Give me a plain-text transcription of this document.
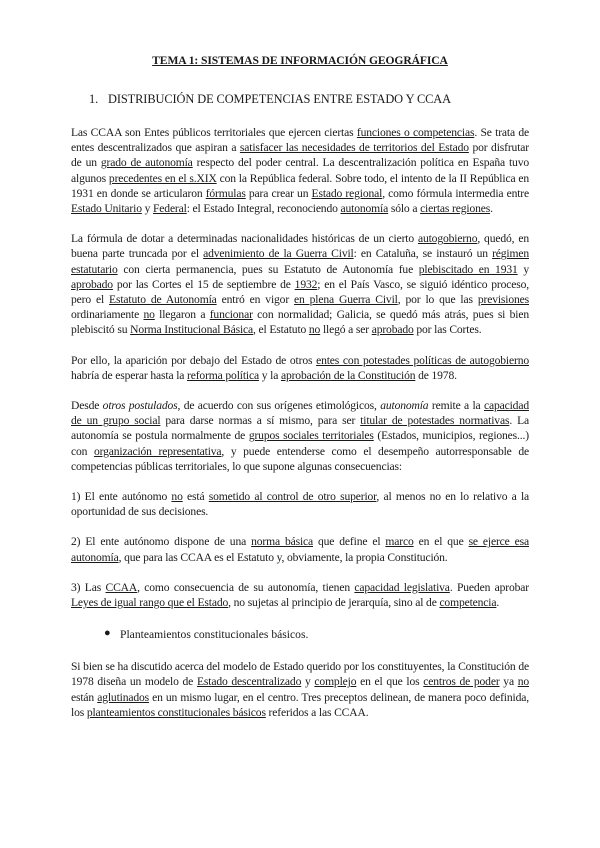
TEMA 1: SISTEMAS DE INFORMACIÓN GEOGRÁFICA
1. DISTRIBUCIÓN DE COMPETENCIAS ENTRE ESTADO Y CCAA

Las CCAA son Entes públicos territoriales que ejercen ciertas funciones o competencias. Se trata de entes descentralizados que aspiran a satisfacer las necesidades de territorios del Estado por disfrutar de un grado de autonomía respecto del poder central. La descentralización política en España tuvo algunos precedentes en el s.XIX con la República federal. Sobre todo, el intento de la II República en 1931 en donde se articularon fórmulas para crear un Estado regional, como fórmula intermedia entre Estado Unitario y Federal: el Estado Integral, reconociendo autonomía sólo a ciertas regiones.

La fórmula de dotar a determinadas nacionalidades históricas de un cierto autogobierno, quedó, en buena parte truncada por el advenimiento de la Guerra Civil: en Cataluña, se instauró un régimen estatutario con cierta permanencia, pues su Estatuto de Autonomía fue plebiscitado en 1931 y aprobado por las Cortes el 15 de septiembre de 1932; en el País Vasco, se siguió idéntico proceso, pero el Estatuto de Autonomía entró en vigor en plena Guerra Civil, por lo que las previsiones ordinariamente no llegaron a funcionar con normalidad; Galicia, se quedó más atrás, pues si bien plebiscitó su Norma Institucional Básica, el Estatuto no llegó a ser aprobado por las Cortes.

Por ello, la aparición por debajo del Estado de otros entes con potestades políticas de autogobierno habría de esperar hasta la reforma política y la aprobación de la Constitución de 1978.

Desde otros postulados, de acuerdo con sus orígenes etimológicos, autonomía remite a la capacidad de un grupo social para darse normas a sí mismo, para ser titular de potestades normativas. La autonomía se postula normalmente de grupos sociales territoriales (Estados, municipios, regiones...) con organización representativa, y puede entenderse como el desempeño autorresponsable de competencias públicas territoriales, lo que supone algunas consecuencias:

1) El ente autónomo no está sometido al control de otro superior, al menos no en lo relativo a la oportunidad de sus decisiones.

2) El ente autónomo dispone de una norma básica que define el marco en el que se ejerce esa autonomía, que para las CCAA es el Estatuto y, obviamente, la propia Constitución.

3) Las CCAA, como consecuencia de su autonomía, tienen capacidad legislativa. Pueden aprobar Leyes de igual rango que el Estado, no sujetas al principio de jerarquía, sino al de competencia.

● Planteamientos constitucionales básicos.

Si bien se ha discutido acerca del modelo de Estado querido por los constituyentes, la Constitución de 1978 diseña un modelo de Estado descentralizado y complejo en el que los centros de poder ya no están aglutinados en un mismo lugar, en el centro. Tres preceptos delinean, de manera poco definida, los planteamientos constitucionales básicos referidos a las CCAA.
